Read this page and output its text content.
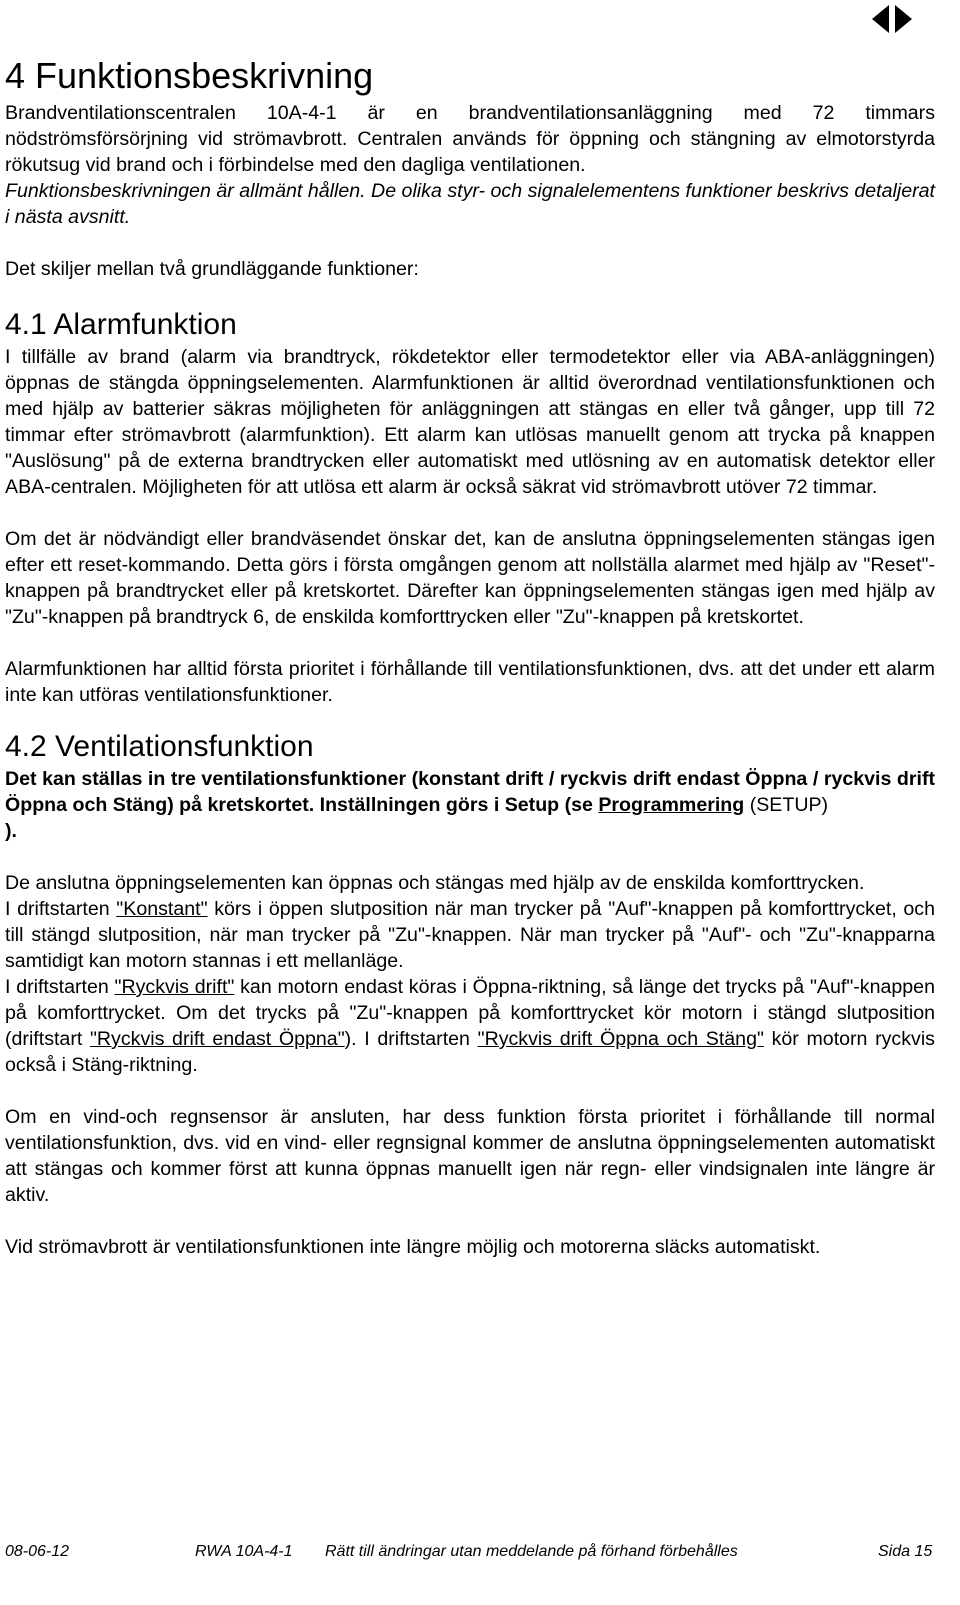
4 Funktionsbeskrivning

Brandventilationscentralen 10A-4-1 är en brandventilationsanläggning med 72 timmars nödströmsförsörjning vid strömavbrott. Centralen används för öppning och stängning av elmotorstyrda rökutsug vid brand och i förbindelse med den dagliga ventilationen.

Funktionsbeskrivningen är allmänt hållen. De olika styr- och signalelementens funktioner beskrivs detaljerat i nästa avsnitt.

Det skiljer mellan två grundläggande funktioner:

4.1 Alarmfunktion

I tillfälle av brand (alarm via brandtryck, rökdetektor eller termodetektor eller via ABA-anläggningen) öppnas de stängda öppningselementen. Alarmfunktionen är alltid överordnad ventilationsfunktionen och med hjälp av batterier säkras möjligheten för anläggningen att stängas en eller två gånger, upp till 72 timmar efter strömavbrott (alarmfunktion). Ett alarm kan utlösas manuellt genom att trycka på knappen "Auslösung" på de externa brandtrycken eller automatiskt med utlösning av en automatisk detektor eller ABA-centralen. Möjligheten för att utlösa ett alarm är också säkrat vid strömavbrott utöver 72 timmar.

Om det är nödvändigt eller brandväsendet önskar det, kan de anslutna öppningselementen stängas igen efter ett reset-kommando. Detta görs i första omgången genom att nollställa alarmet med hjälp av "Reset"-knappen på brandtrycket eller på kretskortet. Därefter kan öppningselementen stängas igen med hjälp av "Zu"-knappen på brandtryck 6, de enskilda komforttrycken eller "Zu"-knappen på kretskortet.

Alarmfunktionen har alltid första prioritet i förhållande till ventilationsfunktionen, dvs. att det under ett alarm inte kan utföras ventilationsfunktioner.

4.2 Ventilationsfunktion

Det kan ställas in tre ventilationsfunktioner (konstant drift / ryckvis drift endast Öppna / ryckvis drift Öppna och Stäng) på kretskortet. Inställningen görs i Setup (se Programmering (SETUP)
).

De anslutna öppningselementen kan öppnas och stängas med hjälp av de enskilda komforttrycken.

I driftstarten "Konstant" körs i öppen slutposition när man trycker på "Auf"-knappen på komforttrycket, och till stängd slutposition, när man trycker på "Zu"-knappen. När man trycker på "Auf"- och "Zu"-knapparna samtidigt kan motorn stannas i ett mellanläge.

I driftstarten "Ryckvis drift" kan motorn endast köras i Öppna-riktning, så länge det trycks på "Auf"-knappen på komforttrycket. Om det trycks på "Zu"-knappen på komforttrycket kör motorn i stängd slutposition (driftstart "Ryckvis drift endast Öppna"). I driftstarten "Ryckvis drift Öppna och Stäng" kör motorn ryckvis också i Stäng-riktning.

Om en vind-och regnsensor är ansluten, har dess funktion första prioritet i förhållande till normal ventilationsfunktion, dvs. vid en vind- eller regnsignal kommer de anslutna öppningselementen automatiskt att stängas och kommer först att kunna öppnas manuellt igen när regn- eller vindsignalen inte längre är aktiv.

Vid strömavbrott är ventilationsfunktionen inte längre möjlig och motorerna släcks automatiskt.

08-06-12	RWA 10A-4-1 Rätt till ändringar utan meddelande på förhand förbehålles	Sida 15
